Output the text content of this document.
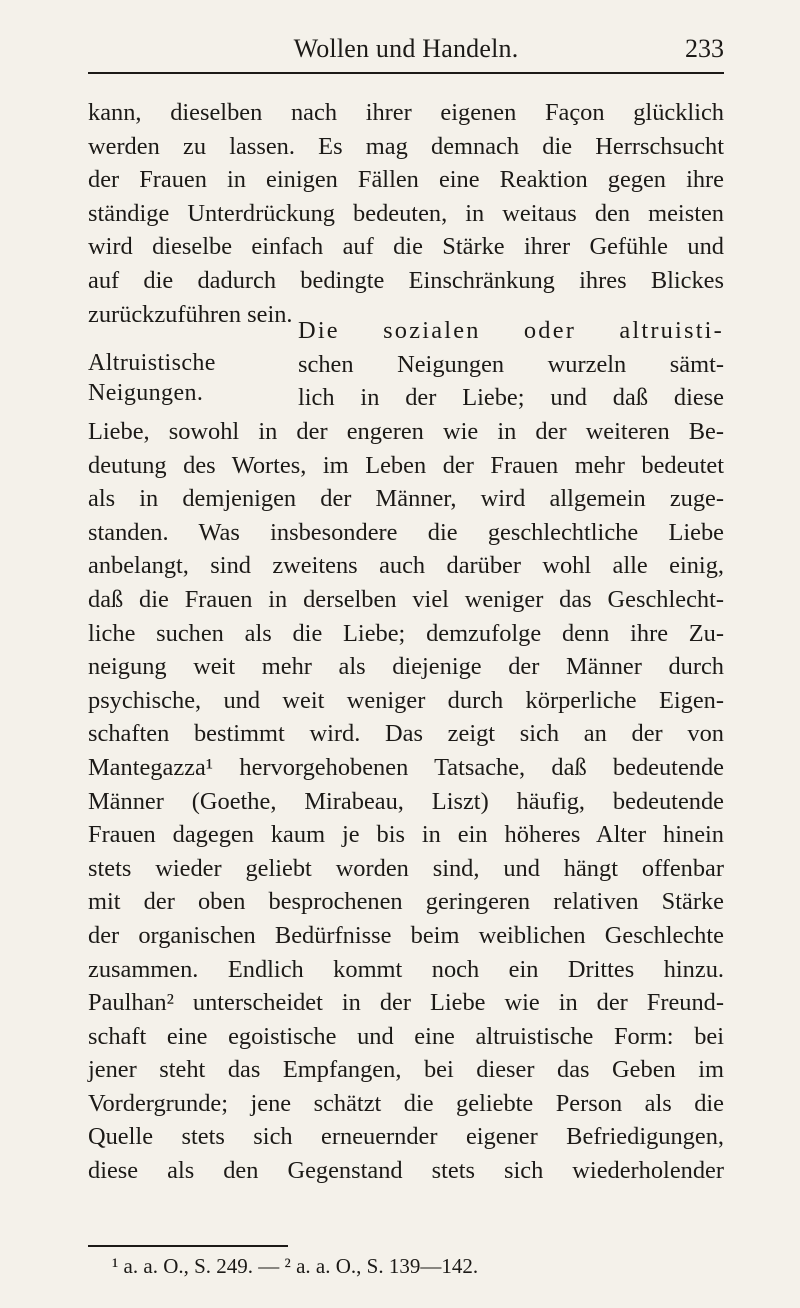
Wollen und Handeln.	233
kann, dieselben nach ihrer eigenen Façon glücklich
werden zu lassen. Es mag demnach die Herrschsucht
der Frauen in einigen Fällen eine Reaktion gegen ihre
ständige Unterdrückung bedeuten, in weitaus den meisten
wird dieselbe einfach auf die Stärke ihrer Gefühle und
auf die dadurch bedingte Einschränkung ihres Blickes
zurückzuführen sein.
Altruistische
Neigungen.
Die sozialen oder altruisti-
schen Neigungen wurzeln sämt-
lich in der Liebe; und daß diese
Liebe, sowohl in der engeren wie in der weiteren Be-
deutung des Wortes, im Leben der Frauen mehr bedeutet
als in demjenigen der Männer, wird allgemein zuge-
standen. Was insbesondere die geschlechtliche Liebe
anbelangt, sind zweitens auch darüber wohl alle einig,
daß die Frauen in derselben viel weniger das Geschlecht-
liche suchen als die Liebe; demzufolge denn ihre Zu-
neigung weit mehr als diejenige der Männer durch
psychische, und weit weniger durch körperliche Eigen-
schaften bestimmt wird. Das zeigt sich an der von
Mantegazza¹ hervorgehobenen Tatsache, daß bedeutende
Männer (Goethe, Mirabeau, Liszt) häufig, bedeutende
Frauen dagegen kaum je bis in ein höheres Alter hinein
stets wieder geliebt worden sind, und hängt offenbar
mit der oben besprochenen geringeren relativen Stärke
der organischen Bedürfnisse beim weiblichen Geschlechte
zusammen. Endlich kommt noch ein Drittes hinzu.
Paulhan² unterscheidet in der Liebe wie in der Freund-
schaft eine egoistische und eine altruistische Form: bei
jener steht das Empfangen, bei dieser das Geben im
Vordergrunde; jene schätzt die geliebte Person als die
Quelle stets sich erneuernder eigener Befriedigungen,
diese als den Gegenstand stets sich wiederholender
¹ a. a. O., S. 249. — ² a. a. O., S. 139—142.
